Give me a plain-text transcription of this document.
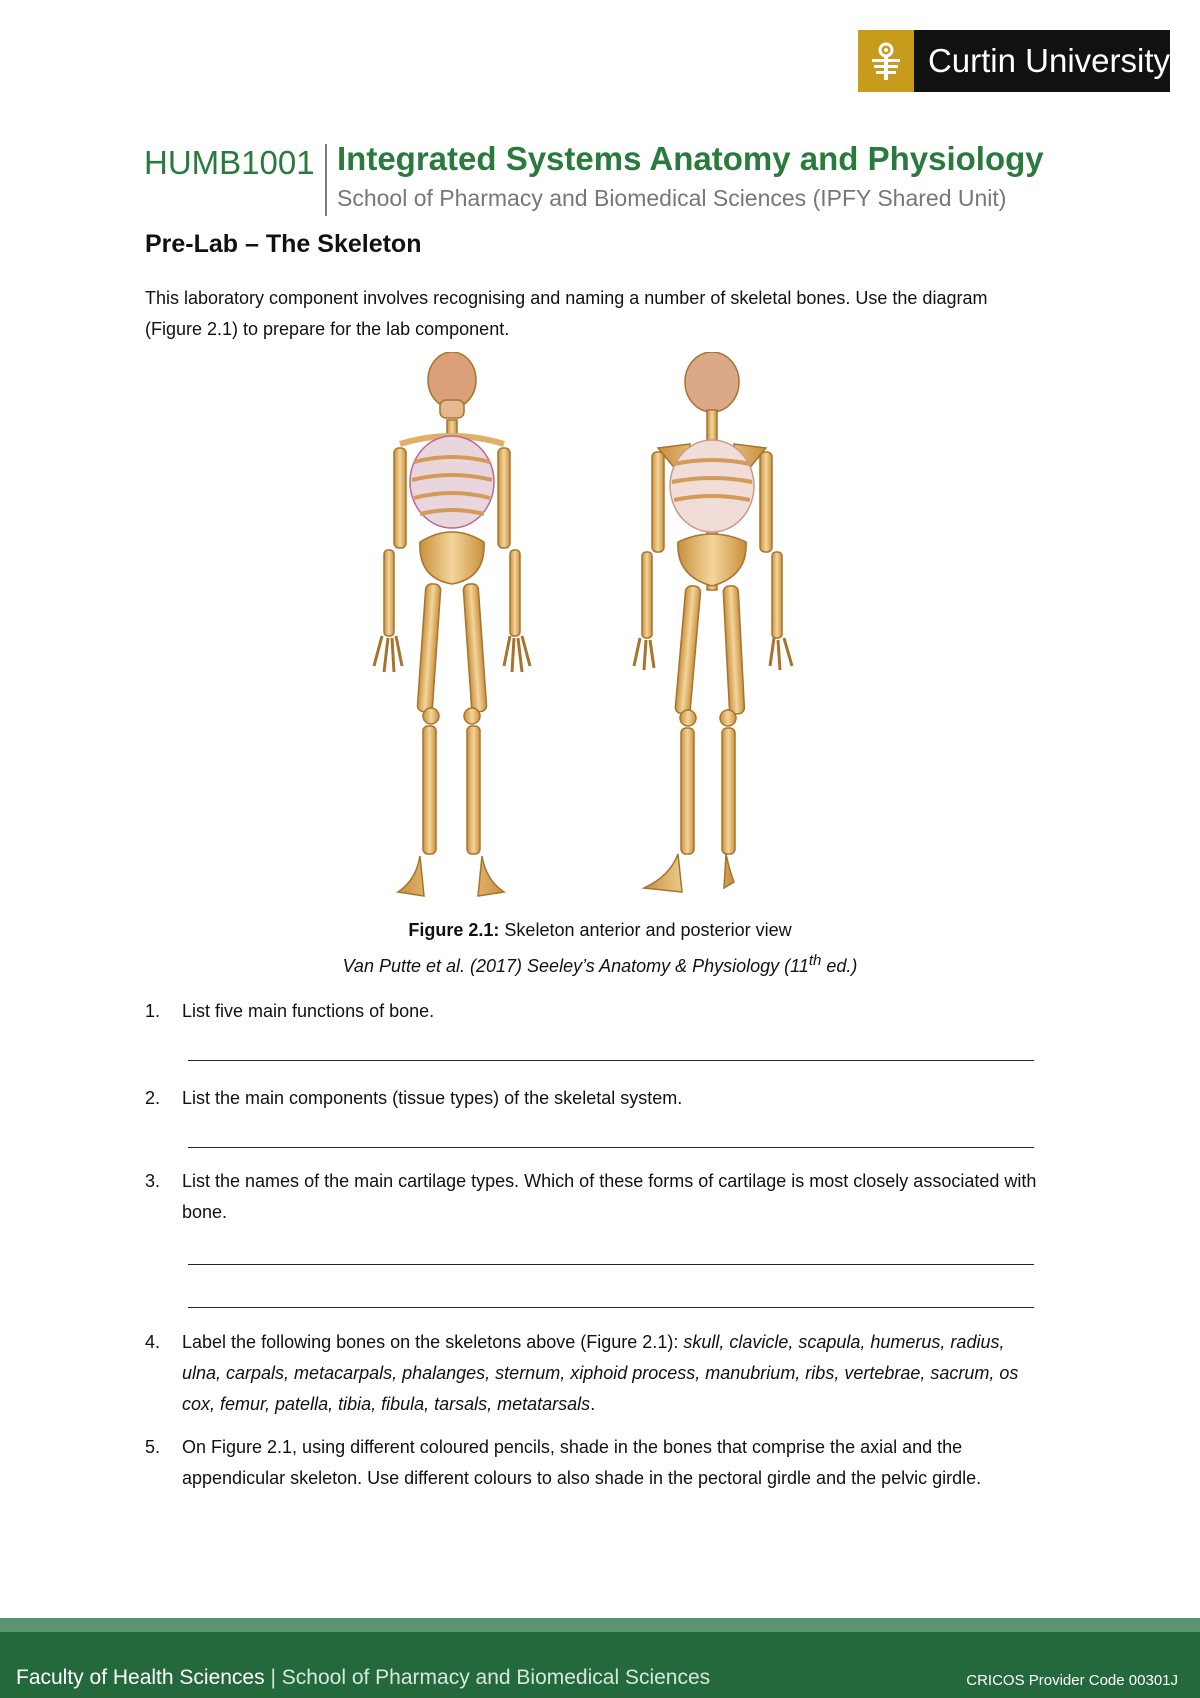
Curtin University
HUMB1001 Integrated Systems Anatomy and Physiology
School of Pharmacy and Biomedical Sciences (IPFY Shared Unit)
Pre-Lab – The Skeleton
This laboratory component involves recognising and naming a number of skeletal bones. Use the diagram (Figure 2.1) to prepare for the lab component.
Figure 2.1: Skeleton anterior and posterior view
Van Putte et al. (2017) Seeley’s Anatomy & Physiology (11th ed.)
1.	List five main functions of bone.
2.	List the main components (tissue types) of the skeletal system.
3.	List the names of the main cartilage types. Which of these forms of cartilage is most closely associated with bone.
4.	Label the following bones on the skeletons above (Figure 2.1): skull, clavicle, scapula, humerus, radius, ulna, carpals, metacarpals, phalanges, sternum, xiphoid process, manubrium, ribs, vertebrae, sacrum, os cox, femur, patella, tibia, fibula, tarsals, metatarsals.
5.	On Figure 2.1, using different coloured pencils, shade in the bones that comprise the axial and the appendicular skeleton. Use different colours to also shade in the pectoral girdle and the pelvic girdle.
Faculty of Health Sciences | School of Pharmacy and Biomedical Sciences	CRICOS Provider Code 00301J
